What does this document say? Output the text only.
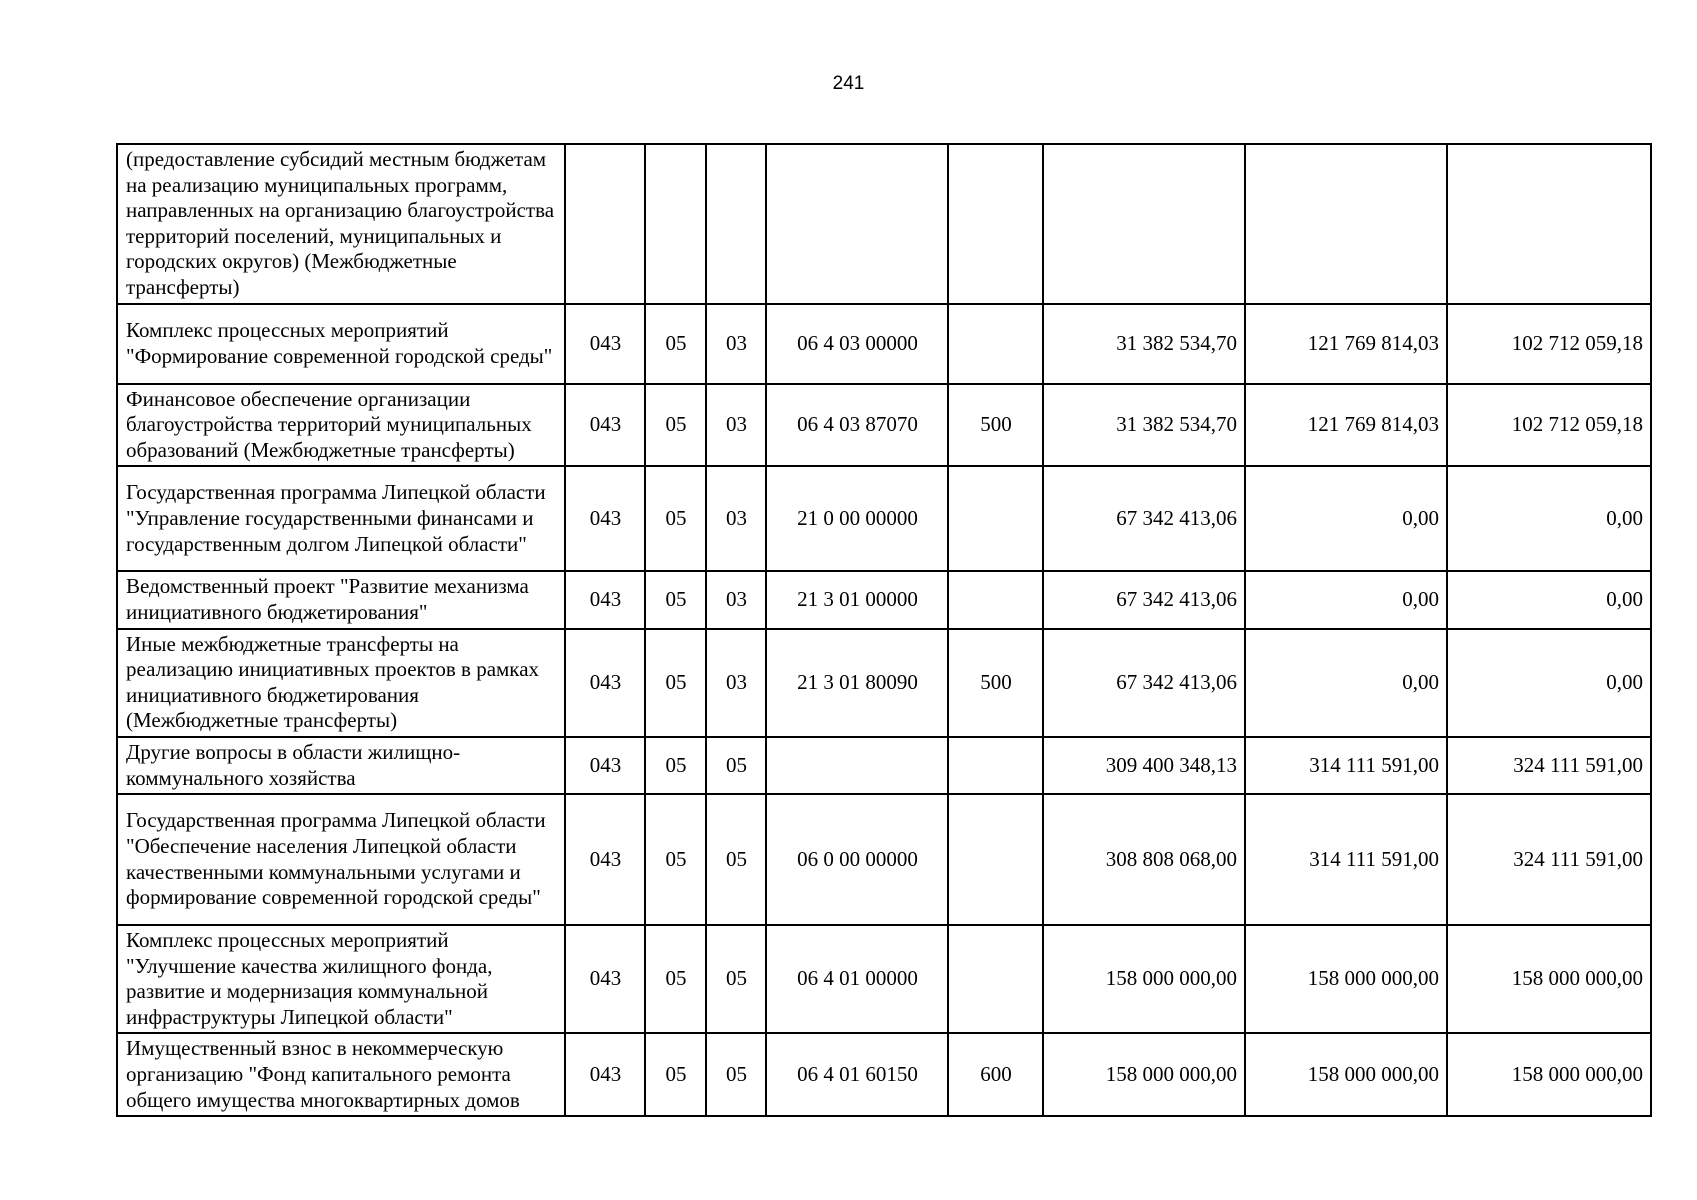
241
(предоставление субсидий местным бюджетам на реализацию муниципальных программ, направленных на организацию благоустройства территорий поселений, муниципальных и городских округов) (Межбюджетные трансферты)								
Комплекс процессных мероприятий "Формирование современной городской среды"	043	05	03	06 4 03 00000		31 382 534,70	121 769 814,03	102 712 059,18
Финансовое обеспечение организации благоустройства территорий муниципальных образований (Межбюджетные трансферты)	043	05	03	06 4 03 87070	500	31 382 534,70	121 769 814,03	102 712 059,18
Государственная программа Липецкой области "Управление государственными финансами и государственным долгом Липецкой области"	043	05	03	21 0 00 00000		67 342 413,06	0,00	0,00
Ведомственный проект "Развитие механизма инициативного бюджетирования"	043	05	03	21 3 01 00000		67 342 413,06	0,00	0,00
Иные межбюджетные трансферты на реализацию инициативных проектов в рамках инициативного бюджетирования (Межбюджетные трансферты)	043	05	03	21 3 01 80090	500	67 342 413,06	0,00	0,00
Другие вопросы в области жилищно-коммунального хозяйства	043	05	05			309 400 348,13	314 111 591,00	324 111 591,00
Государственная программа Липецкой области "Обеспечение населения Липецкой области качественными коммунальными услугами и формирование современной городской среды"	043	05	05	06 0 00 00000		308 808 068,00	314 111 591,00	324 111 591,00
Комплекс процессных мероприятий "Улучшение качества жилищного фонда, развитие и модернизация коммунальной инфраструктуры Липецкой области"	043	05	05	06 4 01 00000		158 000 000,00	158 000 000,00	158 000 000,00
Имущественный взнос в некоммерческую организацию "Фонд капитального ремонта общего имущества многоквартирных домов	043	05	05	06 4 01 60150	600	158 000 000,00	158 000 000,00	158 000 000,00
